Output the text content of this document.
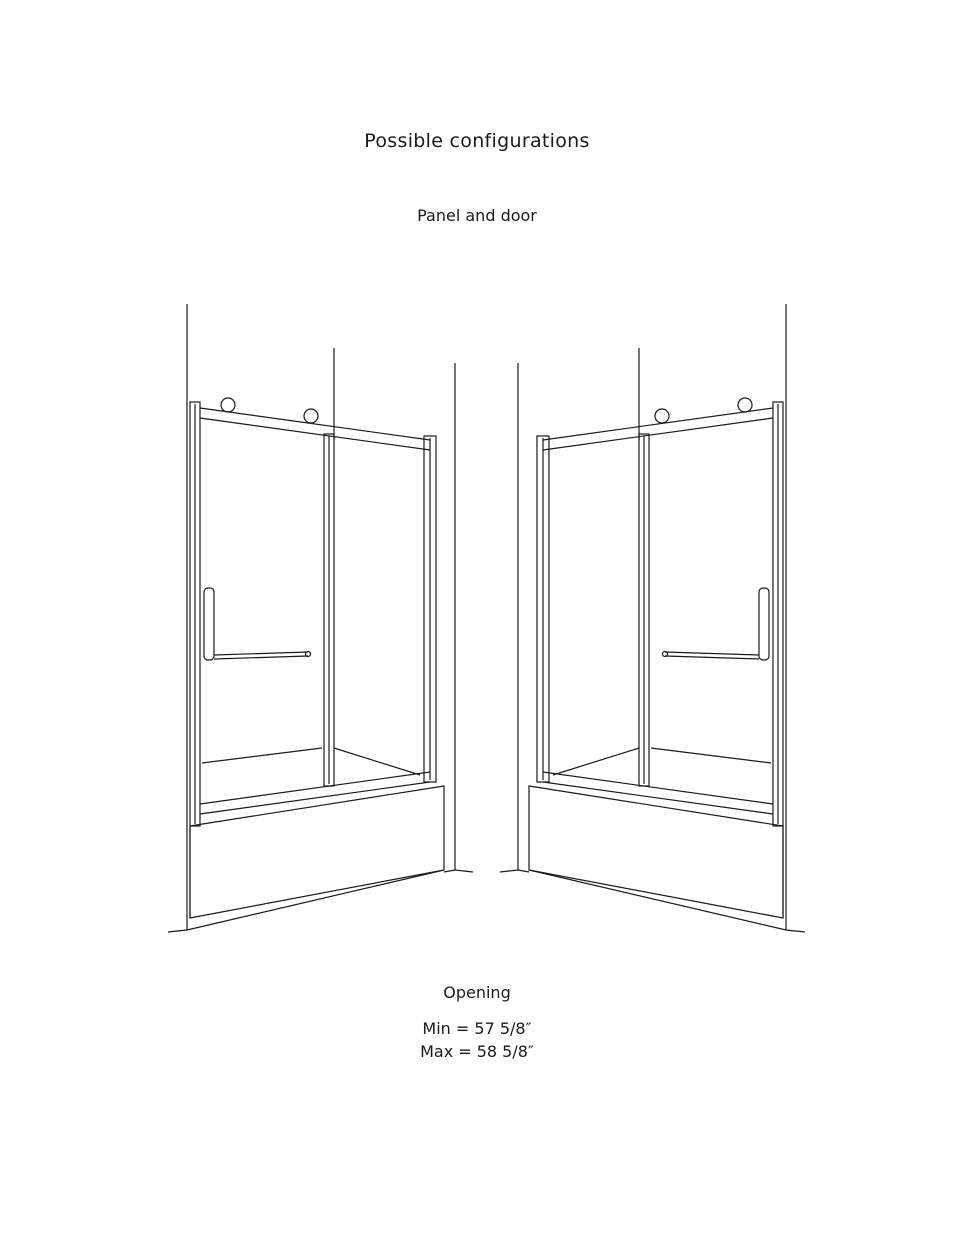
Possible configurations
Panel and door
Opening
Min = 57 5/8″
Max = 58 5/8″
